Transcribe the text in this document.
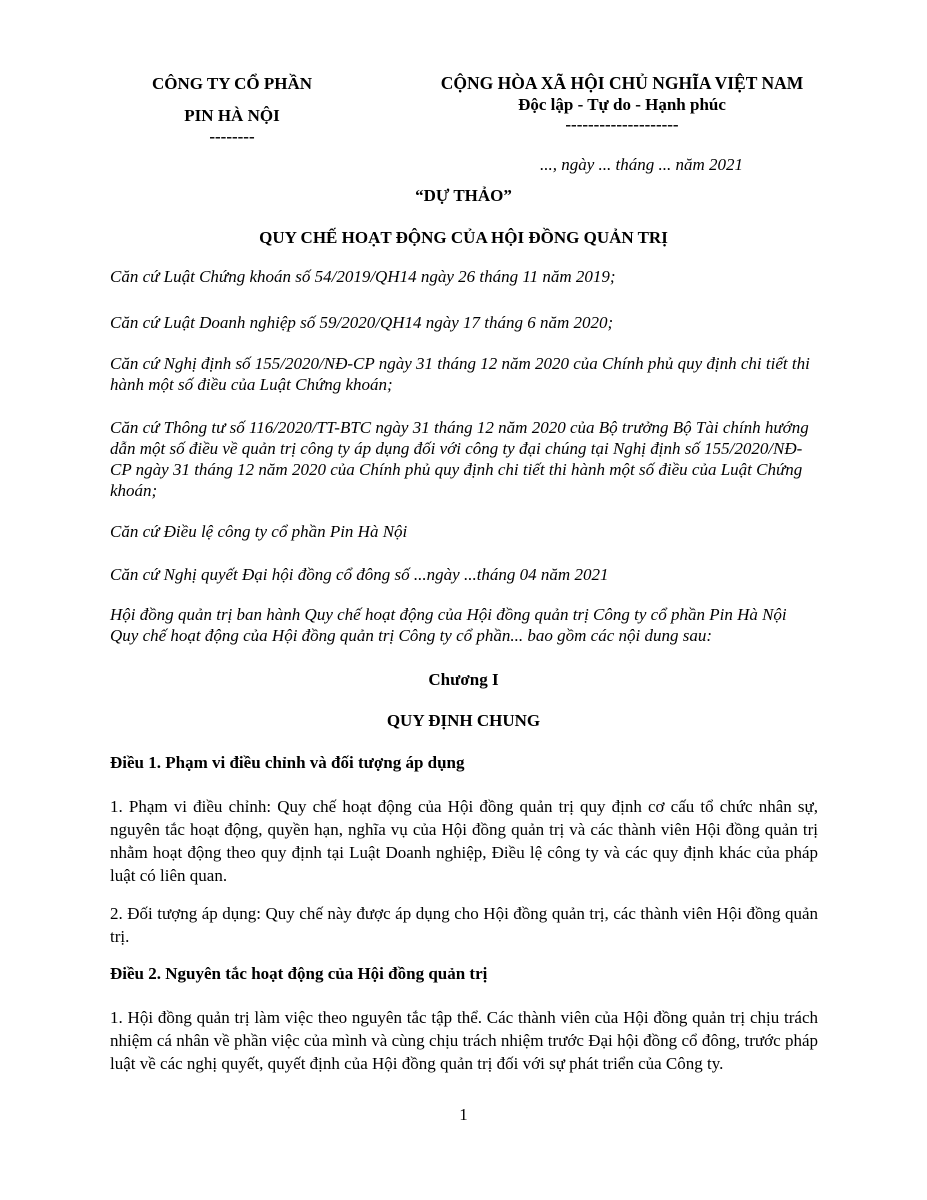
CÔNG TY CỔ PHẦN
PIN HÀ NỘI
--------
CỘNG HÒA XÃ HỘI CHỦ NGHĨA VIỆT NAM
Độc lập - Tự do - Hạnh phúc
--------------------
..., ngày ... tháng ... năm 2021
“DỰ THẢO”
QUY CHẾ HOẠT ĐỘNG CỦA HỘI ĐỒNG QUẢN TRỊ
Căn cứ Luật Chứng khoán số 54/2019/QH14 ngày 26 tháng 11 năm 2019;
Căn cứ Luật Doanh nghiệp số 59/2020/QH14 ngày 17 tháng 6 năm 2020;
Căn cứ Nghị định số 155/2020/NĐ-CP ngày 31 tháng 12 năm 2020 của Chính phủ quy định chi tiết thi hành một số điều của Luật Chứng khoán;
Căn cứ Thông tư số 116/2020/TT-BTC ngày 31 tháng 12 năm 2020 của Bộ trưởng Bộ Tài chính hướng dẫn một số điều về quản trị công ty áp dụng đối với công ty đại chúng tại Nghị định số 155/2020/NĐ-CP ngày 31 tháng 12 năm 2020 của Chính phủ quy định chi tiết thi hành một số điều của Luật Chứng khoán;
Căn cứ Điều lệ công ty cổ phần Pin Hà Nội
Căn cứ Nghị quyết Đại hội đồng cổ đông số ...ngày ...tháng 04 năm 2021
Hội đồng quản trị ban hành Quy chế hoạt động của Hội đồng quản trị Công ty cổ phần Pin Hà Nội Quy chế hoạt động của Hội đồng quản trị Công ty cổ phần... bao gồm các nội dung sau:
Chương I
QUY ĐỊNH CHUNG
Điều 1. Phạm vi điều chỉnh và đối tượng áp dụng
1. Phạm vi điều chỉnh: Quy chế hoạt động của Hội đồng quản trị quy định cơ cấu tổ chức nhân sự, nguyên tắc hoạt động, quyền hạn, nghĩa vụ của Hội đồng quản trị và các thành viên Hội đồng quản trị nhằm hoạt động theo quy định tại Luật Doanh nghiệp, Điều lệ công ty và các quy định khác của pháp luật có liên quan.
2. Đối tượng áp dụng: Quy chế này được áp dụng cho Hội đồng quản trị, các thành viên Hội đồng quản trị.
Điều 2. Nguyên tắc hoạt động của Hội đồng quản trị
1. Hội đồng quản trị làm việc theo nguyên tắc tập thể. Các thành viên của Hội đồng quản trị chịu trách nhiệm cá nhân về phần việc của mình và cùng chịu trách nhiệm trước Đại hội đồng cổ đông, trước pháp luật về các nghị quyết, quyết định của Hội đồng quản trị đối với sự phát triển của Công ty.
1
